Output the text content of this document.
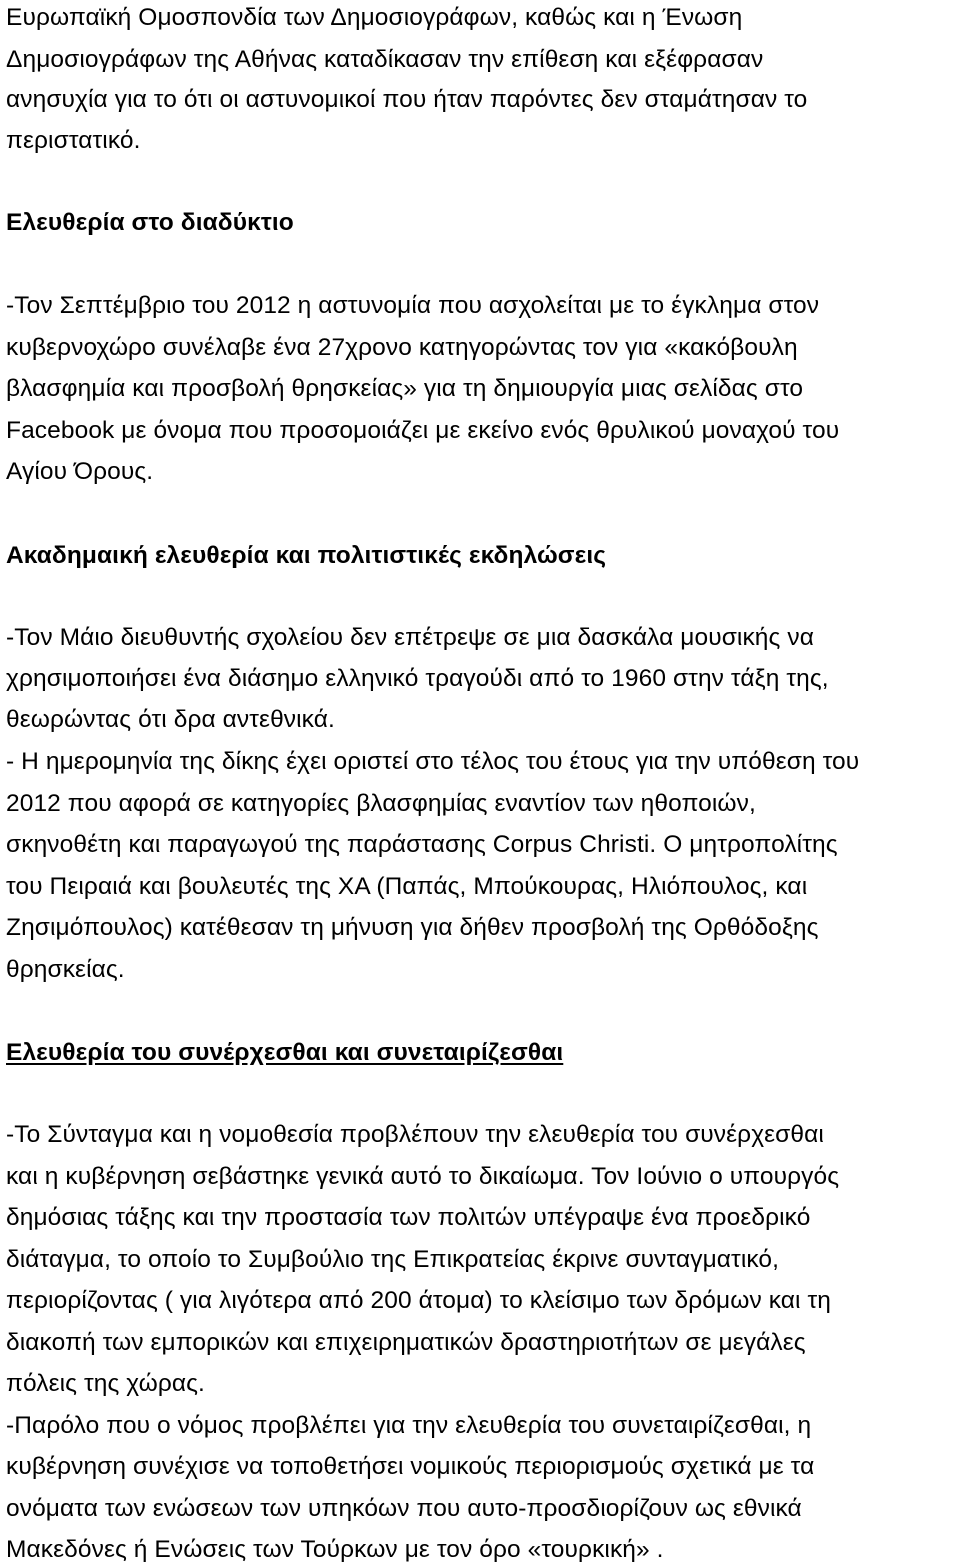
Ευρωπαϊκή Ομοσπονδία των Δημοσιογράφων, καθώς και η Ένωση
Δημοσιογράφων της Αθήνας καταδίκασαν την επίθεση και εξέφρασαν
ανησυχία για το ότι οι αστυνομικοί που ήταν παρόντες δεν σταμάτησαν το
περιστατικό.
Ελευθερία στο διαδύκτιο
-Τον Σεπτέμβριο του 2012 η αστυνομία που ασχολείται με το έγκλημα στον
κυβερνοχώρο συνέλαβε ένα 27χρονο κατηγορώντας τον για «κακόβουλη
βλασφημία και προσβολή θρησκείας» για τη δημιουργία μιας σελίδας στο
Facebook με όνομα που προσομοιάζει με εκείνο ενός θρυλικού μοναχού του
Αγίου Όρους.
Ακαδημαική ελευθερία και πολιτιστικές εκδηλώσεις
-Τον Μάιο διευθυντής σχολείου δεν επέτρεψε σε μια δασκάλα μουσικής να
χρησιμοποιήσει ένα διάσημο ελληνικό τραγούδι από το 1960 στην τάξη της,
θεωρώντας ότι δρα αντεθνικά.
- Η ημερομηνία της δίκης έχει οριστεί στο τέλος του έτους για την υπόθεση του
2012 που αφορά σε κατηγορίες βλασφημίας εναντίον των ηθοποιών,
σκηνοθέτη και παραγωγού της παράστασης Corpus Christi. Ο μητροπολίτης
του Πειραιά και βουλευτές της ΧΑ (Παπάς, Μπούκουρας, Ηλιόπουλος, και
Ζησιμόπουλος) κατέθεσαν τη μήνυση για δήθεν προσβολή της Ορθόδοξης
θρησκείας.
Ελευθερία του συνέρχεσθαι και συνεταιρίζεσθαι
-Το Σύνταγμα και η νομοθεσία προβλέπουν την ελευθερία του συνέρχεσθαι
και η κυβέρνηση σεβάστηκε γενικά αυτό το δικαίωμα. Τον Ιούνιο ο υπουργός
δημόσιας τάξης και την προστασία των πολιτών υπέγραψε ένα προεδρικό
διάταγμα, το οποίο το Συμβούλιο της Επικρατείας έκρινε συνταγματικό,
περιορίζοντας ( για λιγότερα από 200 άτομα) το κλείσιμο των δρόμων και τη
διακοπή των εμπορικών και επιχειρηματικών δραστηριοτήτων σε μεγάλες
πόλεις της χώρας.
-Παρόλο που ο νόμος προβλέπει για την ελευθερία του συνεταιρίζεσθαι, η
κυβέρνηση συνέχισε να τοποθετήσει νομικούς περιορισμούς σχετικά με τα
ονόματα των ενώσεων των υπηκόων που αυτο-προσδιορίζουν ως εθνικά
Μακεδόνες ή Ενώσεις των Τούρκων με τον όρο «τουρκική» .
